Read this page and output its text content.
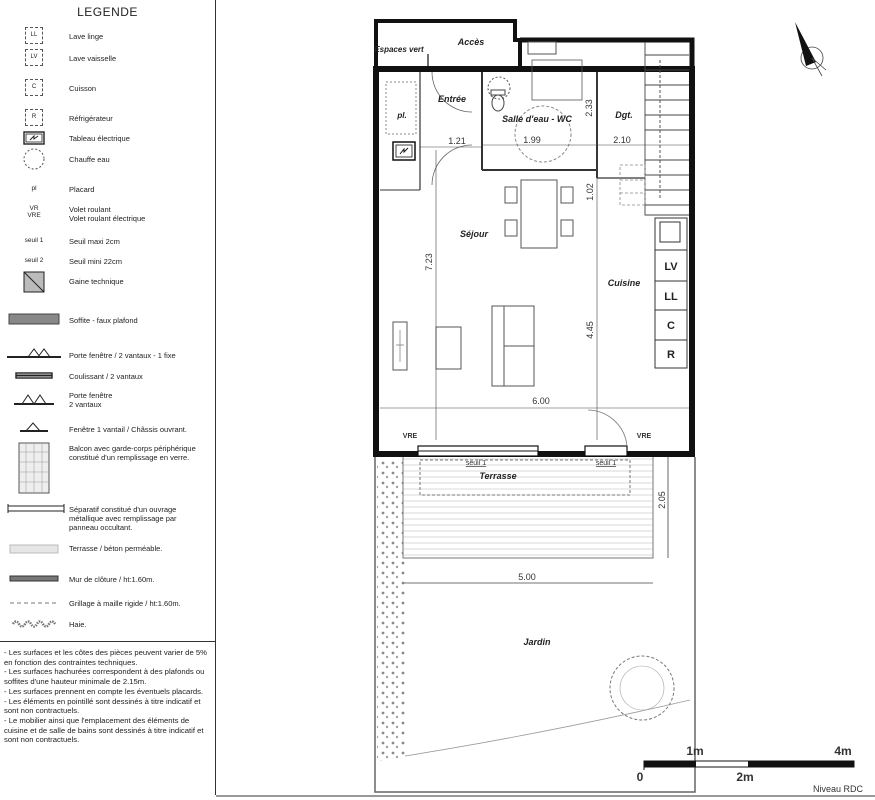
LEGENDE
LL	Lave linge
LV	Lave vaisselle
C	Cuisson
R	Réfrigérateur
Tableau électrique
Chauffe eau
pl	Placard
VR
VRE
Volet roulant
Volet roulant électrique
seuil 1	Seuil maxi 2cm
seuil 2	Seuil mini 22cm
Gaine technique
Soffite - faux plafond
Porte fenêtre / 2 vantaux - 1 fixe
Coulissant / 2 vantaux
Porte fenêtre
2 vantaux
Fenêtre 1 vantail / Châssis ouvrant.
Balcon avec garde-corps périphérique
constitué d'un remplissage en verre.
Séparatif constitué d'un ouvrage
métallique avec remplissage par
panneau occultant.
Terrasse / béton perméable.
Mur de clôture / ht:1.60m.
Grillage à maille rigide / ht:1.60m.
Haie.
- Les surfaces et les côtes des pièces peuvent varier de 5% en fonction des contraintes techniques.
- Les surfaces hachurées correspondent à des plafonds ou soffites d'une hauteur minimale de 2.15m.
- Les surfaces prennent en compte les éventuels placards.
- Les éléments en pointillé sont dessinés à titre indicatif et sont non contractuels.
- Le mobilier ainsi que l'emplacement des éléments de cuisine et de salle de bains sont dessinés à titre indicatif et sont non contractuels.
Terrasse
seuil 1	seuil 1
2.05
5.00
Jardin
Accès
Espaces vert
pl.
Entrée
1.21
Salle d'eau - WC
1.99
2.33 Dgt.
2.10
1.02
Séjour
7.23
Cuisine
4.45
LV
LL
C
R
6.00
VRE	VRE
0
1m
2m
4m
Niveau RDC
